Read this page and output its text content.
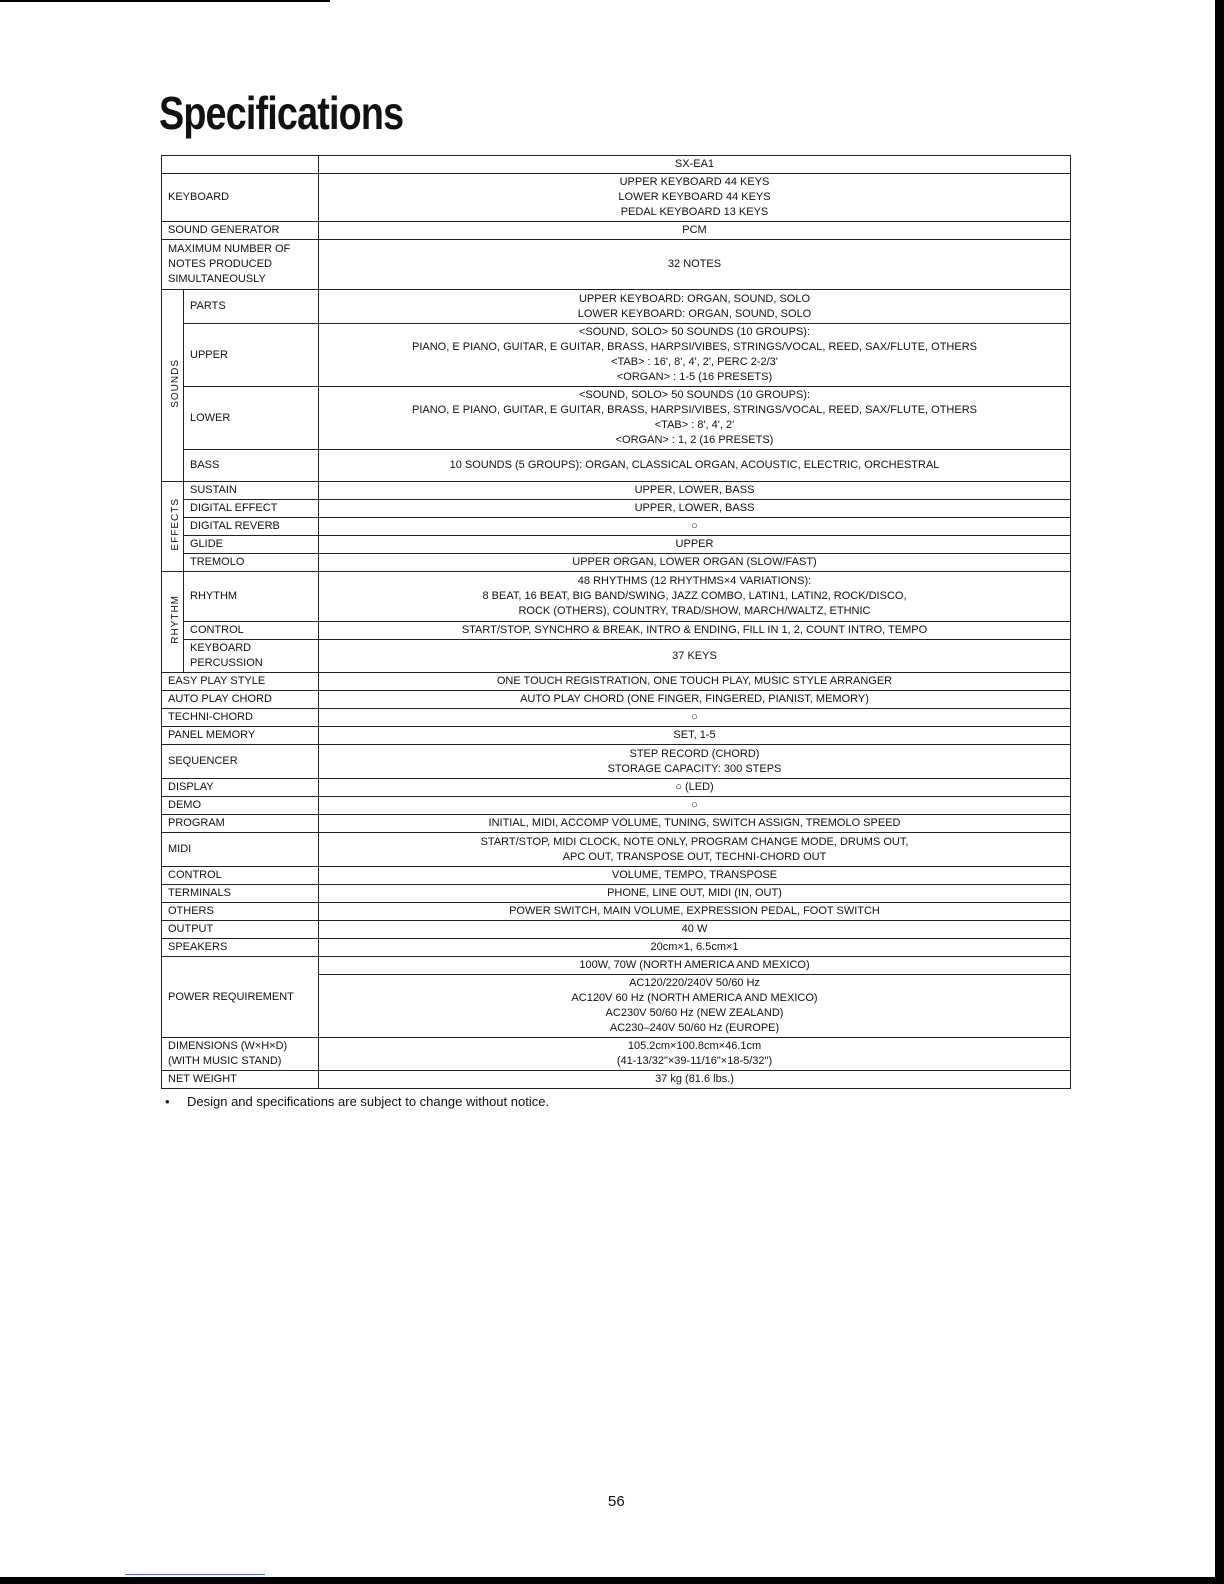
Specifications
		SX-EA1
KEYBOARD		UPPER KEYBOARD 44 KEYS
LOWER KEYBOARD 44 KEYS
PEDAL KEYBOARD 13 KEYS

SOUND GENERATOR		PCM
MAXIMUM NUMBER OF NOTES PRODUCED SIMULTANEOUSLY		32 NOTES
SOUNDS	PARTS	UPPER KEYBOARD: ORGAN, SOUND, SOLO
LOWER KEYBOARD: ORGAN, SOUND, SOLO

	UPPER	<SOUND, SOLO> 50 SOUNDS (10 GROUPS):
PIANO, E PIANO, GUITAR, E GUITAR, BRASS, HARPSI/VIBES, STRINGS/VOCAL, REED, SAX/FLUTE, OTHERS
<TAB> : 16', 8', 4', 2', PERC 2-2/3'
<ORGAN> : 1-5 (16 PRESETS)

	LOWER	<SOUND, SOLO> 50 SOUNDS (10 GROUPS):
PIANO, E PIANO, GUITAR, E GUITAR, BRASS, HARPSI/VIBES, STRINGS/VOCAL, REED, SAX/FLUTE, OTHERS
<TAB> : 8', 4', 2'
<ORGAN> : 1, 2 (16 PRESETS)

	BASS	10 SOUNDS (5 GROUPS): ORGAN, CLASSICAL ORGAN, ACOUSTIC, ELECTRIC, ORCHESTRAL
EFFECTS	SUSTAIN	UPPER, LOWER, BASS
	DIGITAL EFFECT	UPPER, LOWER, BASS
	DIGITAL REVERB	○
	GLIDE	UPPER
	TREMOLO	UPPER ORGAN, LOWER ORGAN (SLOW/FAST)
RHYTHM	RHYTHM	48 RHYTHMS (12 RHYTHMS×4 VARIATIONS):
8 BEAT, 16 BEAT, BIG BAND/SWING, JAZZ COMBO, LATIN1, LATIN2, ROCK/DISCO,
ROCK (OTHERS), COUNTRY, TRAD/SHOW, MARCH/WALTZ, ETHNIC

	CONTROL	START/STOP, SYNCHRO & BREAK, INTRO & ENDING, FILL IN 1, 2, COUNT INTRO, TEMPO
	KEYBOARD PERCUSSION	37 KEYS
EASY PLAY STYLE		ONE TOUCH REGISTRATION, ONE TOUCH PLAY, MUSIC STYLE ARRANGER
AUTO PLAY CHORD		AUTO PLAY CHORD (ONE FINGER, FINGERED, PIANIST, MEMORY)
TECHNI-CHORD		○
PANEL MEMORY		SET, 1-5
SEQUENCER		STEP RECORD (CHORD)
STORAGE CAPACITY: 300 STEPS

DISPLAY		○ (LED)
DEMO		○
PROGRAM		INITIAL, MIDI, ACCOMP VOLUME, TUNING, SWITCH ASSIGN, TREMOLO SPEED
MIDI		START/STOP, MIDI CLOCK, NOTE ONLY, PROGRAM CHANGE MODE, DRUMS OUT,
APC OUT, TRANSPOSE OUT, TECHNI-CHORD OUT

CONTROL		VOLUME, TEMPO, TRANSPOSE
TERMINALS		PHONE, LINE OUT, MIDI (IN, OUT)
OTHERS		POWER SWITCH, MAIN VOLUME, EXPRESSION PEDAL, FOOT SWITCH
OUTPUT		40 W
SPEAKERS		20cm×1, 6.5cm×1
POWER REQUIREMENT		100W, 70W (NORTH AMERICA AND MEXICO)

		AC120/220/240V 50/60 Hz
AC120V 60 Hz (NORTH AMERICA AND MEXICO)
AC230V 50/60 Hz (NEW ZEALAND)
AC230–240V 50/60 Hz (EUROPE)

DIMENSIONS (W×H×D) (WITH MUSIC STAND)		105.2cm×100.8cm×46.1cm
(41-13/32"×39-11/16"×18-5/32")

NET WEIGHT		37 kg (81.6 lbs.)
• Design and specifications are subject to change without notice.
56
